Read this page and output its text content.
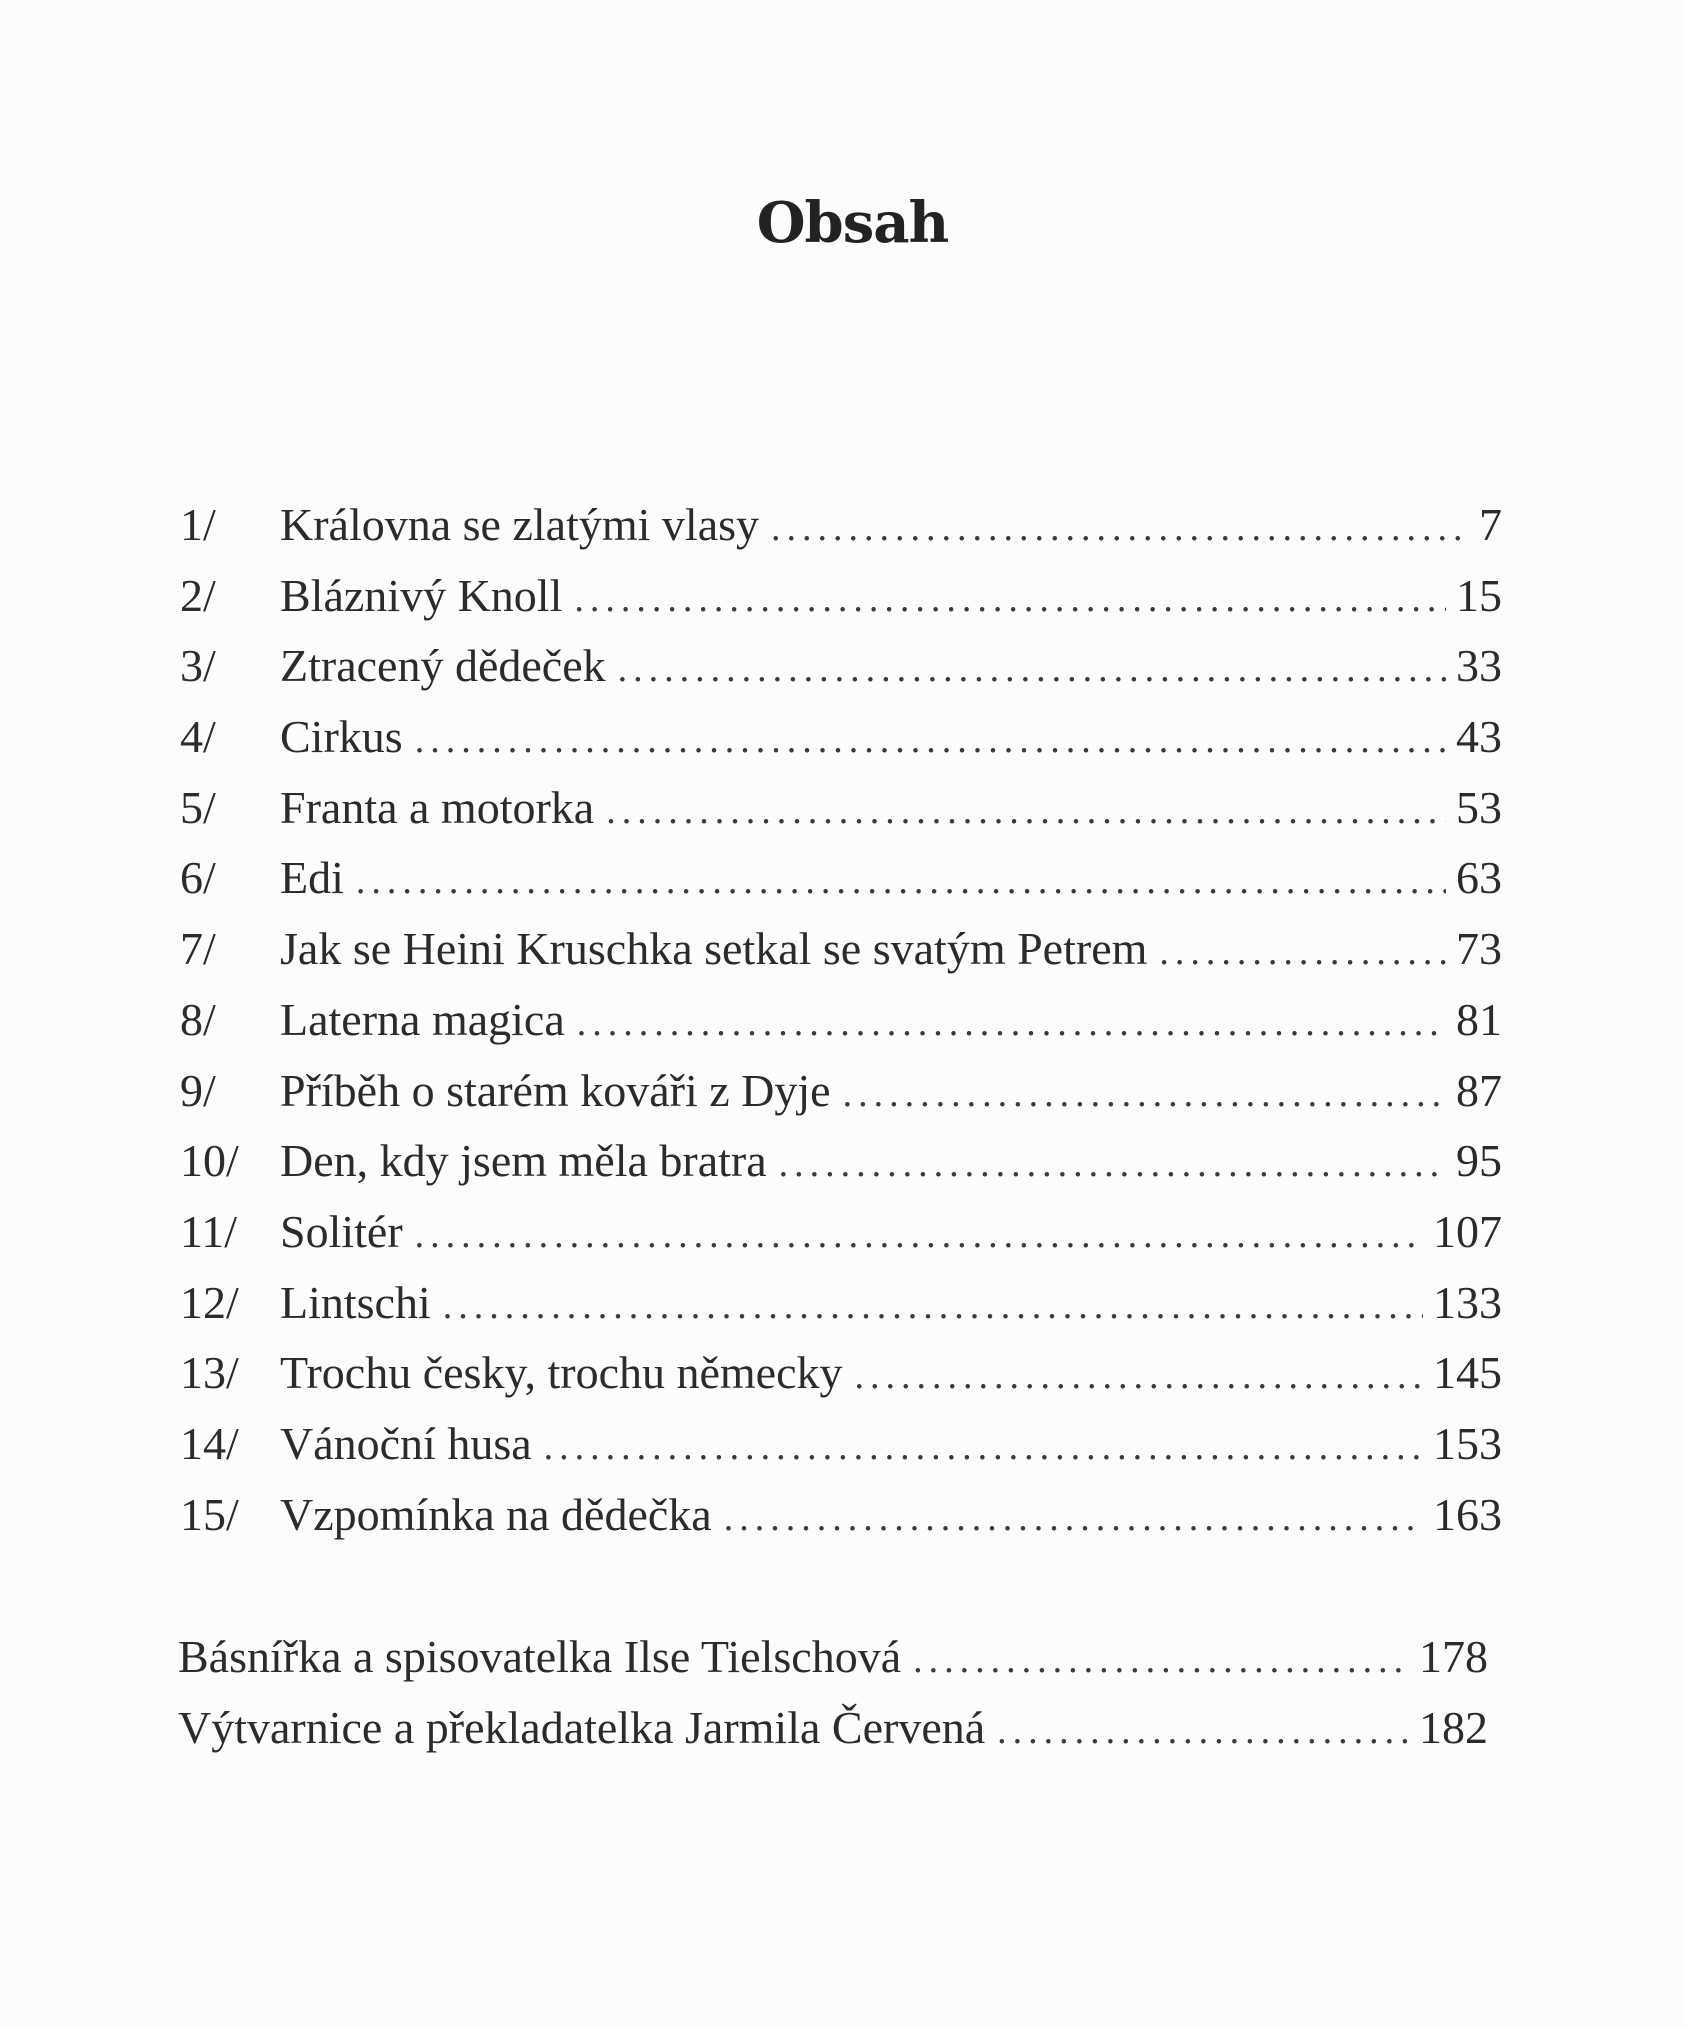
Obsah
1/	Královna se zlatými vlasy .....	7
2/	Bláznivý Knoll .....	15
3/	Ztracený dědeček .....	33
4/	Cirkus .....	43
5/	Franta a motorka .....	53
6/	Edi .....	63
7/	Jak se Heini Kruschka setkal se svatým Petrem .....	73
8/	Laterna magica .....	81
9/	Příběh o starém kováři z Dyje .....	87
10/ Den, kdy jsem měla bratra .....	95
11/ Solitér .....	107
12/ Lintschi .....	133
13/ Trochu česky, trochu německy .....	145
14/ Vánoční husa .....	153
15/ Vzpomínka na dědečka .....	163
Básnířka a spisovatelka Ilse Tielschová .....	178
Výtvarnice a překladatelka Jarmila Červená .....	182
